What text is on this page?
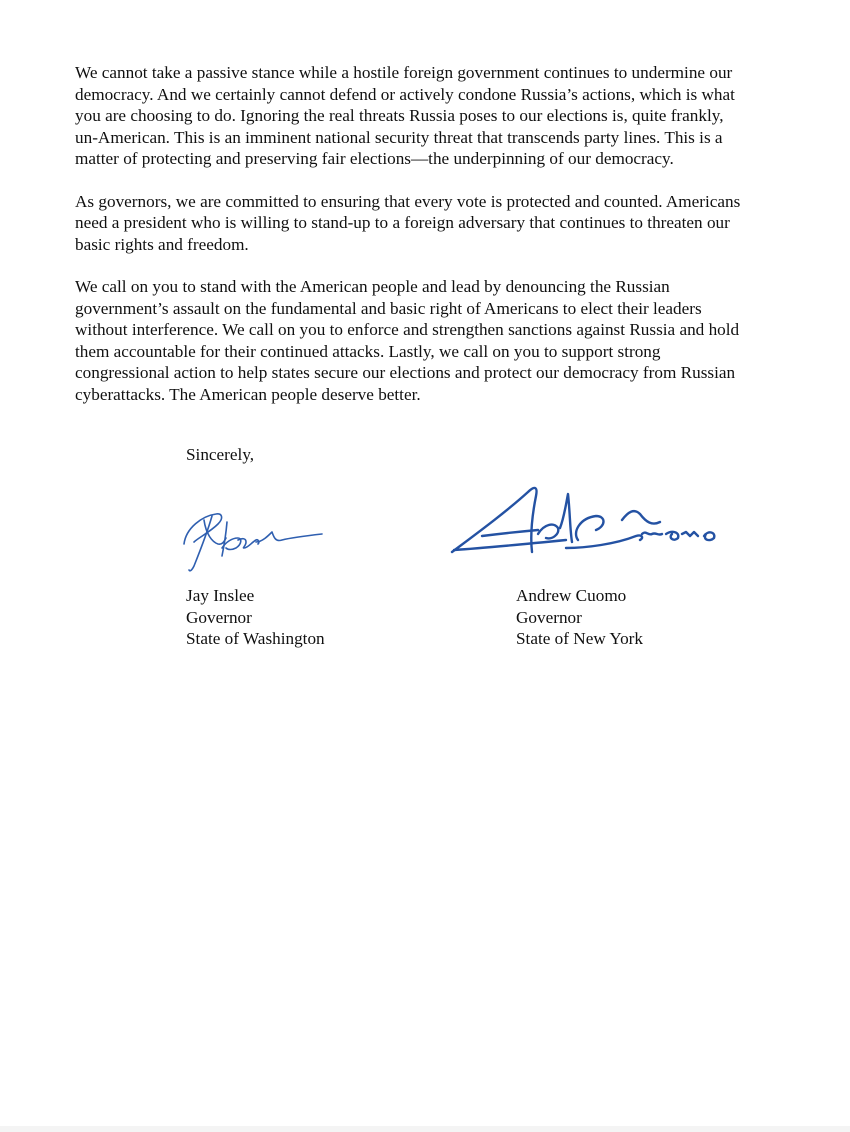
We cannot take a passive stance while a hostile foreign government continues to undermine our
democracy. And we certainly cannot defend or actively condone Russia’s actions, which is what
you are choosing to do. Ignoring the real threats Russia poses to our elections is, quite frankly,
un-American. This is an imminent national security threat that transcends party lines. This is a
matter of protecting and preserving fair elections—the underpinning of our democracy.

As governors, we are committed to ensuring that every vote is protected and counted. Americans
need a president who is willing to stand-up to a foreign adversary that continues to threaten our
basic rights and freedom.

We call on you to stand with the American people and lead by denouncing the Russian
government’s assault on the fundamental and basic right of Americans to elect their leaders
without interference. We call on you to enforce and strengthen sanctions against Russia and hold
them accountable for their continued attacks. Lastly, we call on you to support strong
congressional action to help states secure our elections and protect our democracy from Russian
cyberattacks. The American people deserve better.

Sincerely,
Jay Inslee
Governor
State of Washington
Andrew Cuomo
Governor
State of New York
